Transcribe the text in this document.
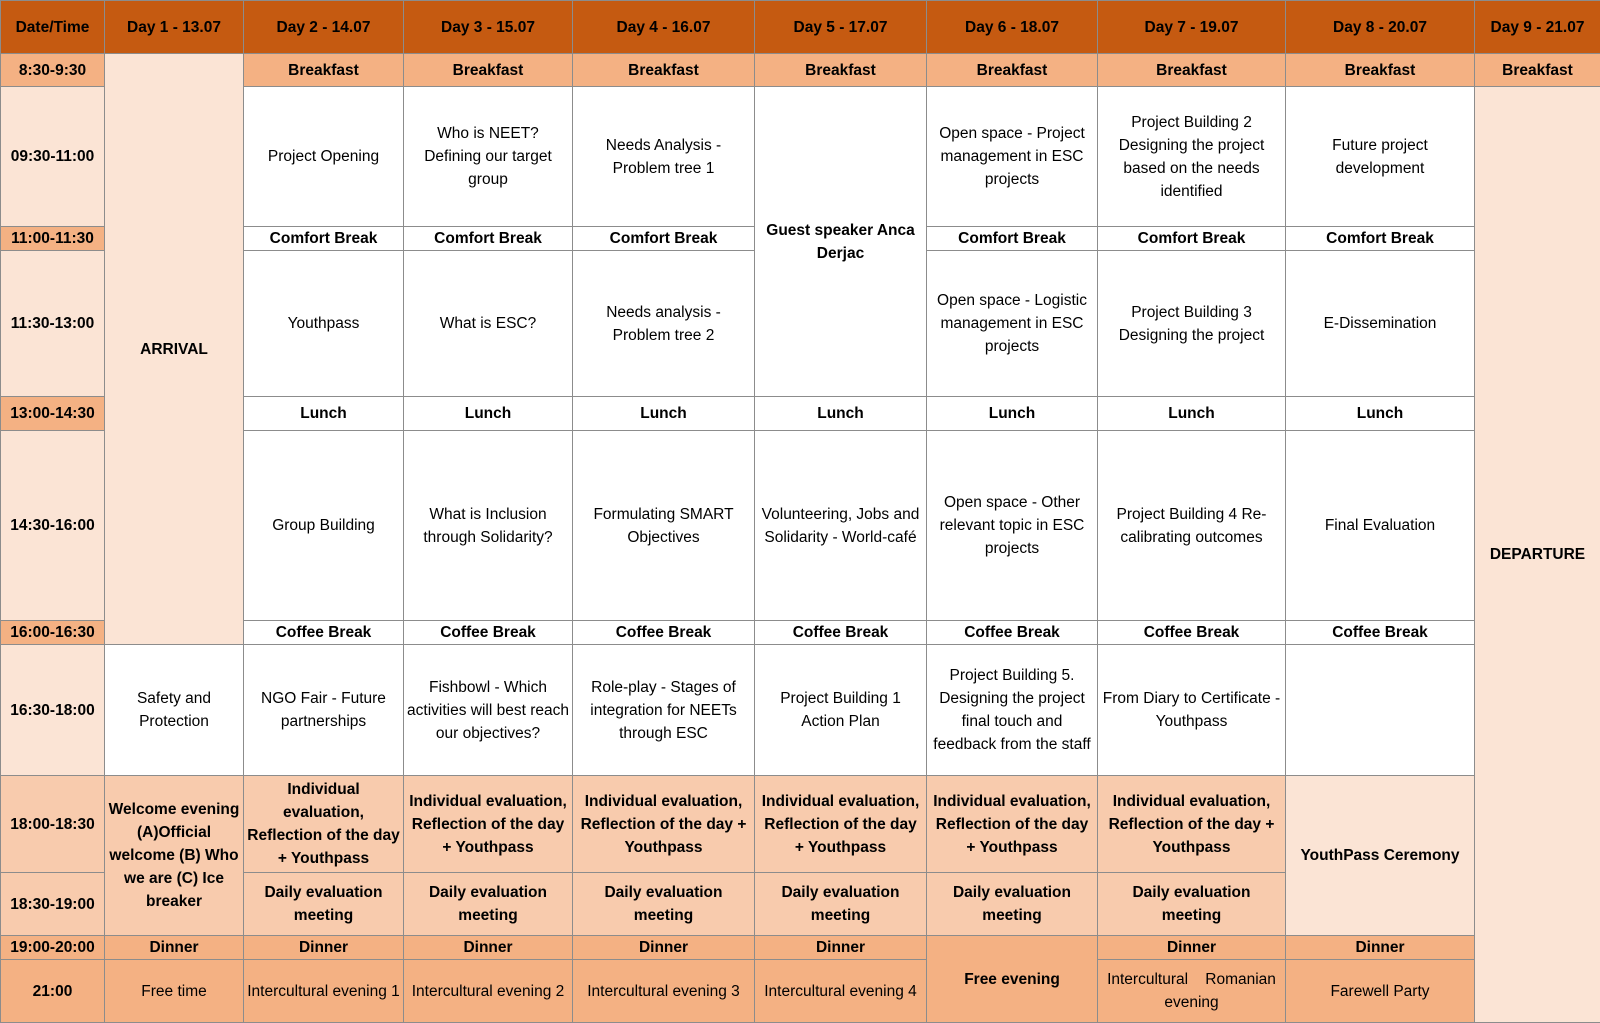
Date/Time	Day 1 - 13.07	Day 2 - 14.07	Day 3 - 15.07	Day 4 - 16.07	Day 5 - 17.07	Day 6 - 18.07	Day 7 - 19.07	Day 8 - 20.07	Day 9 - 21.07
8:30-9:30	ARRIVAL	Breakfast	Breakfast	Breakfast	Breakfast	Breakfast	Breakfast	Breakfast	Breakfast
09:30-11:00		Project Opening	Who is NEET? Defining our target group	Needs Analysis - Problem tree 1	Guest speaker Anca Derjac	Open space - Project management in ESC projects	Project Building 2 Designing the project based on the needs identified	Future project development	DEPARTURE
11:00-11:30		Comfort Break	Comfort Break	Comfort Break		Comfort Break	Comfort Break	Comfort Break	
11:30-13:00		Youthpass	What is ESC?	Needs analysis - Problem tree 2		Open space - Logistic management in ESC projects	Project Building 3 Designing the project	E-Dissemination	
13:00-14:30		Lunch	Lunch	Lunch	Lunch	Lunch	Lunch	Lunch	
14:30-16:00		Group Building	What is Inclusion through Solidarity?	Formulating SMART Objectives	Volunteering, Jobs and Solidarity - World-café	Open space - Other relevant topic in ESC projects	Project Building 4 Re-calibrating outcomes	Final Evaluation	
16:00-16:30		Coffee Break	Coffee Break	Coffee Break	Coffee Break	Coffee Break	Coffee Break	Coffee Break	
16:30-18:00	Safety and Protection	NGO Fair - Future partnerships	Fishbowl - Which activities will best reach our objectives?	Role-play - Stages of integration for NEETs through ESC	Project Building 1 Action Plan	Project Building 5. Designing the project final touch and feedback from the staff	From Diary to Certificate - Youthpass		
18:00-18:30	Welcome evening (A)Official welcome (B) Who we are (C) Ice breaker	Individual evaluation, Reflection of the day + Youthpass	Individual evaluation, Reflection of the day + Youthpass	Individual evaluation, Reflection of the day + Youthpass	Individual evaluation, Reflection of the day + Youthpass	Individual evaluation, Reflection of the day + Youthpass	Individual evaluation, Reflection of the day + Youthpass	YouthPass Ceremony	
18:30-19:00		Daily evaluation meeting	Daily evaluation meeting	Daily evaluation meeting	Daily evaluation meeting	Daily evaluation meeting	Daily evaluation meeting		
19:00-20:00	Dinner	Dinner	Dinner	Dinner	Dinner	Free evening	Dinner	Dinner	
21:00	Free time	Intercultural evening 1	Intercultural evening 2	Intercultural evening 3	Intercultural evening 4		Intercultural    Romanian evening	Farewell Party	
